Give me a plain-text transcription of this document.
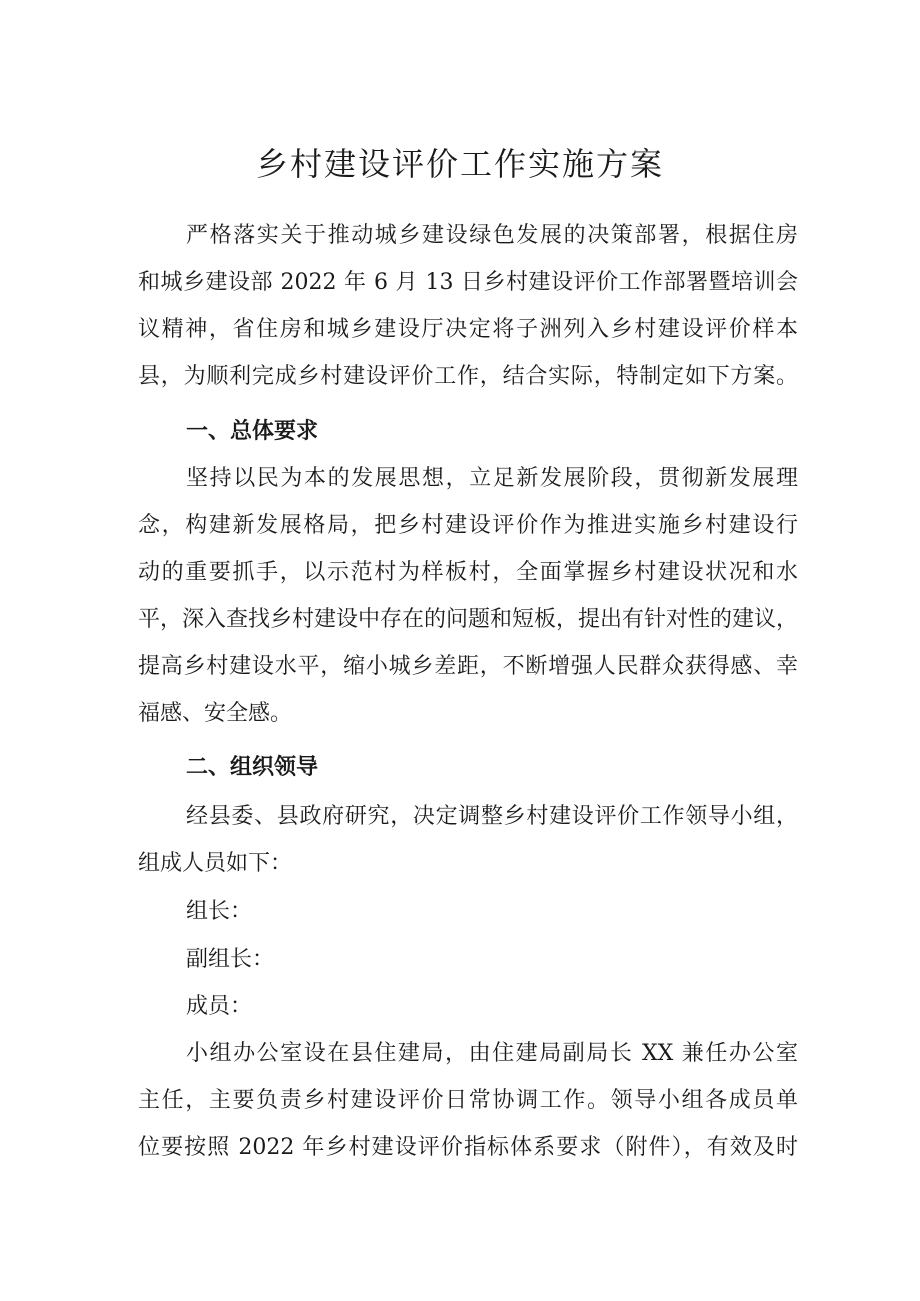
乡村建设评价工作实施方案
严格落实关于推动城乡建设绿色发展的决策部署，根据住房
和城乡建设部 2022 年 6 月 13 日乡村建设评价工作部署暨培训会
议精神，省住房和城乡建设厅决定将子洲列入乡村建设评价样本
县，为顺利完成乡村建设评价工作，结合实际，特制定如下方案。
一、总体要求
坚持以民为本的发展思想，立足新发展阶段，贯彻新发展理
念，构建新发展格局，把乡村建设评价作为推进实施乡村建设行
动的重要抓手，以示范村为样板村，全面掌握乡村建设状况和水
平，深入查找乡村建设中存在的问题和短板，提出有针对性的建议，
提高乡村建设水平，缩小城乡差距，不断增强人民群众获得感、幸
福感、安全感。
二、组织领导
经县委、县政府研究，决定调整乡村建设评价工作领导小组，
组成人员如下：
组长：
副组长：
成员：
小组办公室设在县住建局，由住建局副局长 XX 兼任办公室
主任，主要负责乡村建设评价日常协调工作。领导小组各成员单
位要按照 2022 年乡村建设评价指标体系要求（附件），有效及时
